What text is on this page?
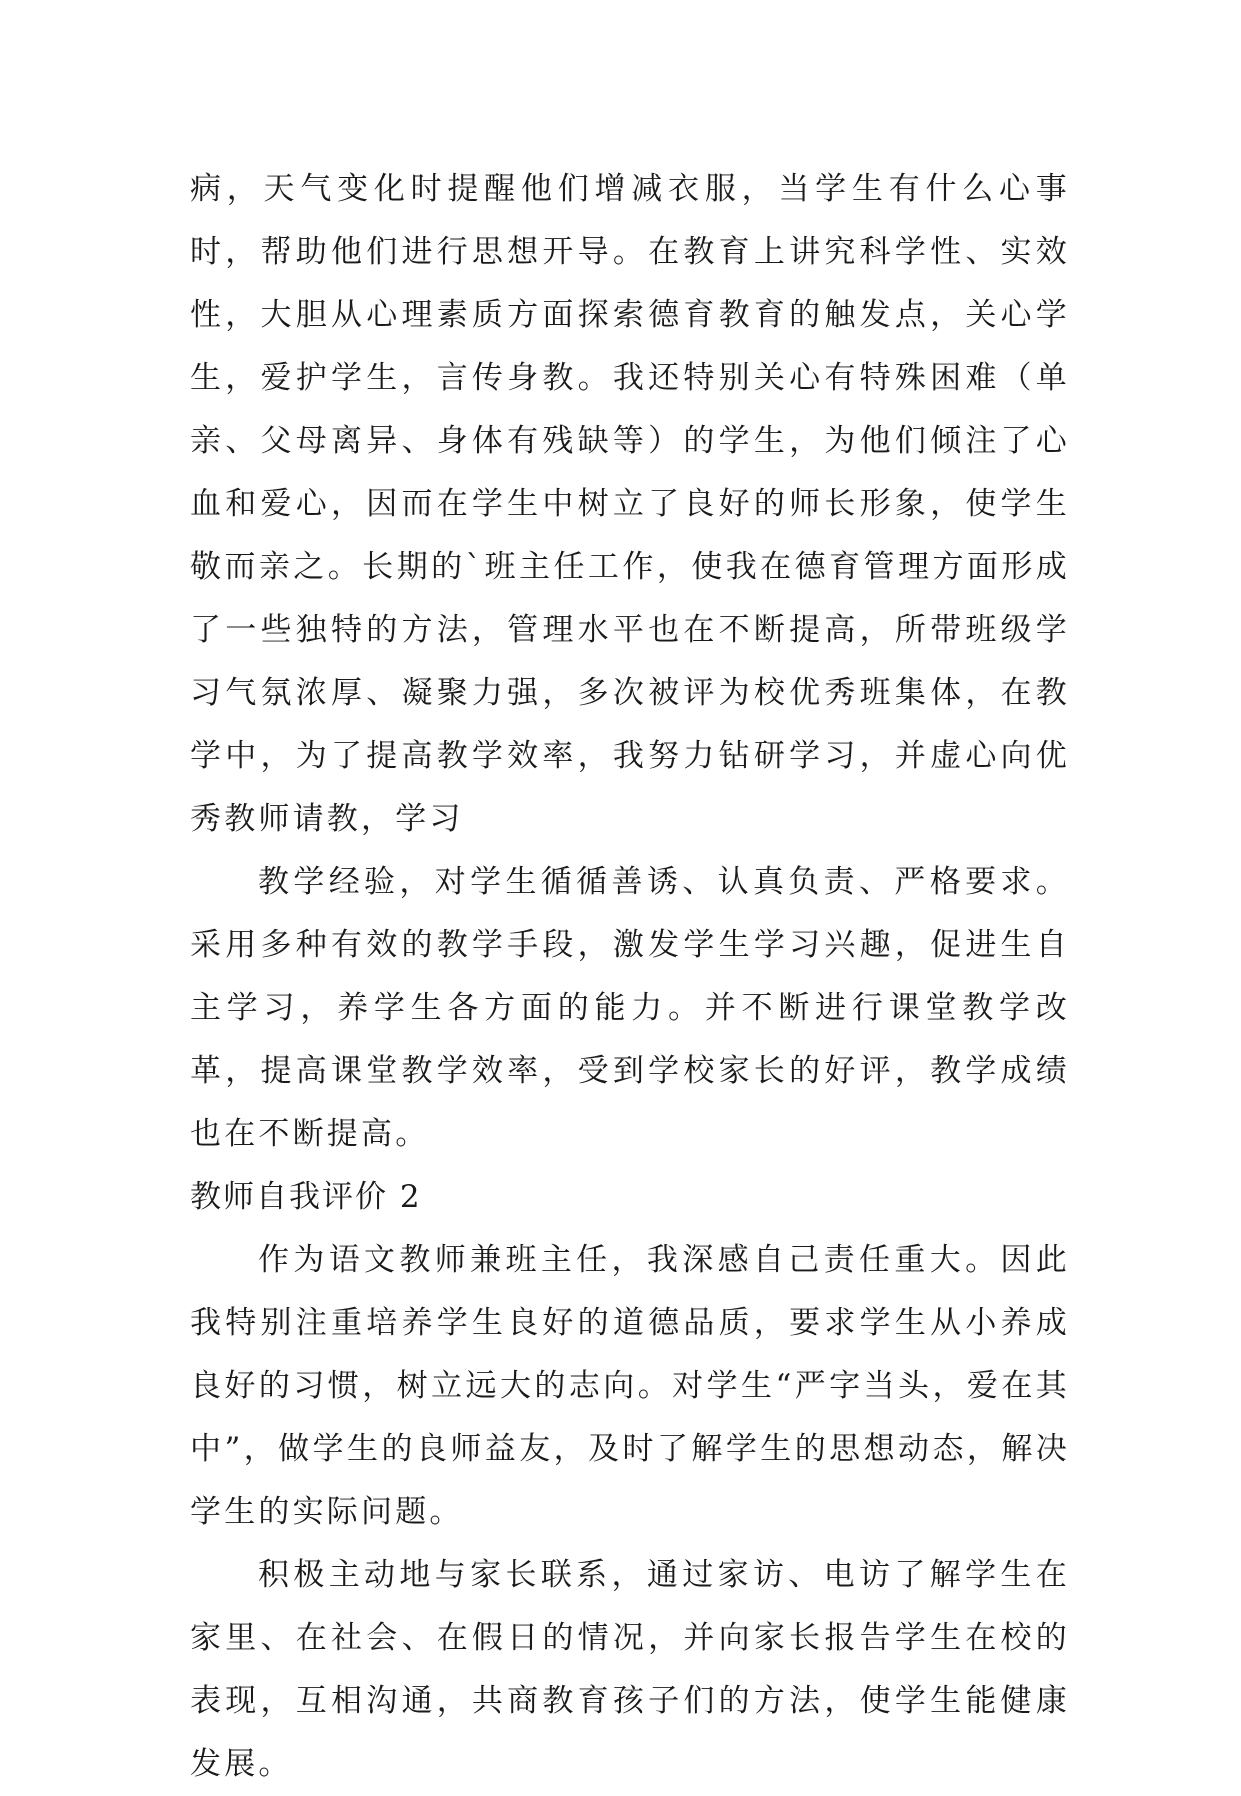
病，天气变化时提醒他们增减衣服，当学生有什么心事时，帮助他们进行思想开导。在教育上讲究科学性、实效性，大胆从心理素质方面探索德育教育的触发点，关心学生，爱护学生，言传身教。我还特别关心有特殊困难（单亲、父母离异、身体有残缺等）的学生，为他们倾注了心血和爱心，因而在学生中树立了良好的师长形象，使学生敬而亲之。长期的`班主任工作，使我在德育管理方面形成了一些独特的方法，管理水平也在不断提高，所带班级学习气氛浓厚、凝聚力强，多次被评为校优秀班集体，在教学中，为了提高教学效率，我努力钻研学习，并虚心向优秀教师请教，学习

教学经验，对学生循循善诱、认真负责、严格要求。采用多种有效的教学手段，激发学生学习兴趣，促进生自主学习，养学生各方面的能力。并不断进行课堂教学改革，提高课堂教学效率，受到学校家长的好评，教学成绩也在不断提高。

教师自我评价 2

作为语文教师兼班主任，我深感自己责任重大。因此我特别注重培养学生良好的道德品质，要求学生从小养成良好的习惯，树立远大的志向。对学生“严字当头，爱在其中”，做学生的良师益友，及时了解学生的思想动态，解决学生的实际问题。

积极主动地与家长联系，通过家访、电访了解学生在家里、在社会、在假日的情况，并向家长报告学生在校的表现，互相沟通，共商教育孩子们的方法，使学生能健康发展。
